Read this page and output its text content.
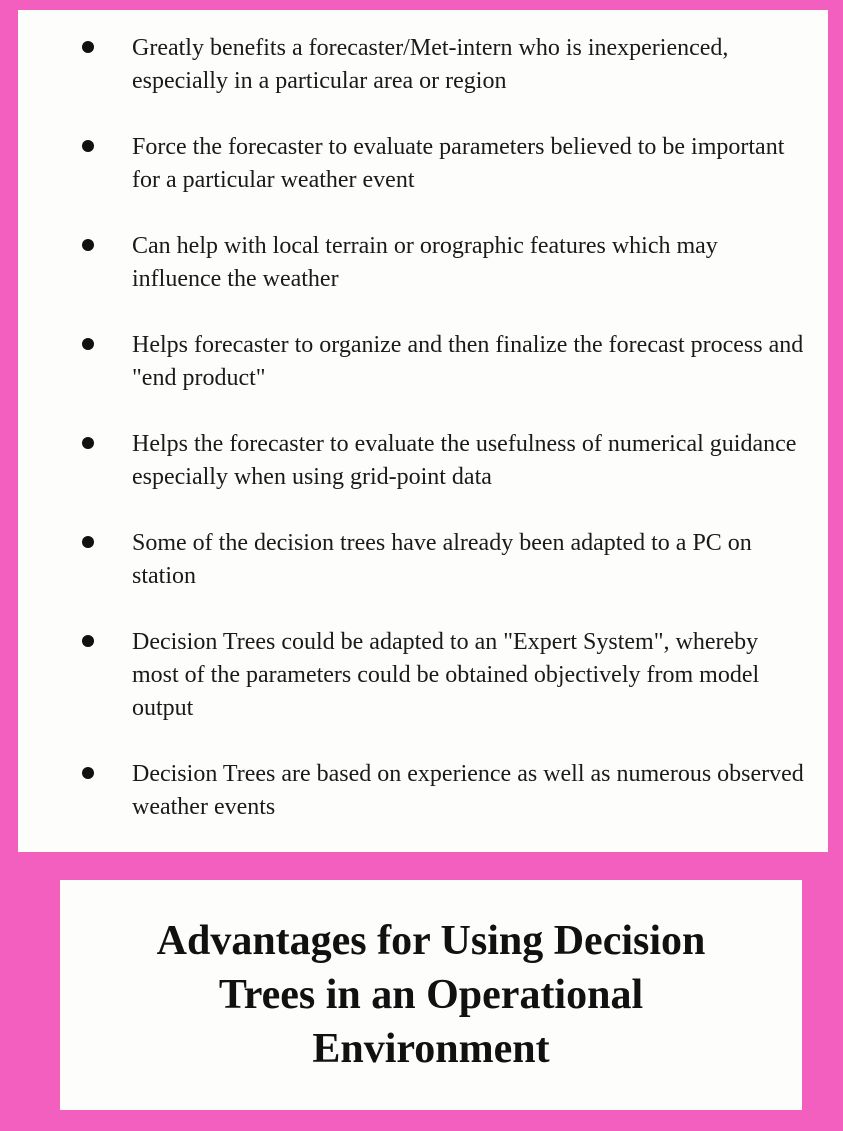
Greatly benefits a forecaster/Met-intern who is inexperienced, especially in a particular area or region
Force the forecaster to evaluate parameters believed to be important for a particular weather event
Can help with local terrain or orographic features which may influence the weather
Helps forecaster to organize and then finalize the forecast process and "end product"
Helps the forecaster to evaluate the usefulness of numerical guidance especially when using grid-point data
Some of the decision trees have already been adapted to a PC on station
Decision Trees could be adapted to an "Expert System", whereby most of the parameters could be obtained objectively from model output
Decision Trees are based on experience as well as numerous observed weather events
Advantages for Using Decision
Trees in an Operational
Environment
